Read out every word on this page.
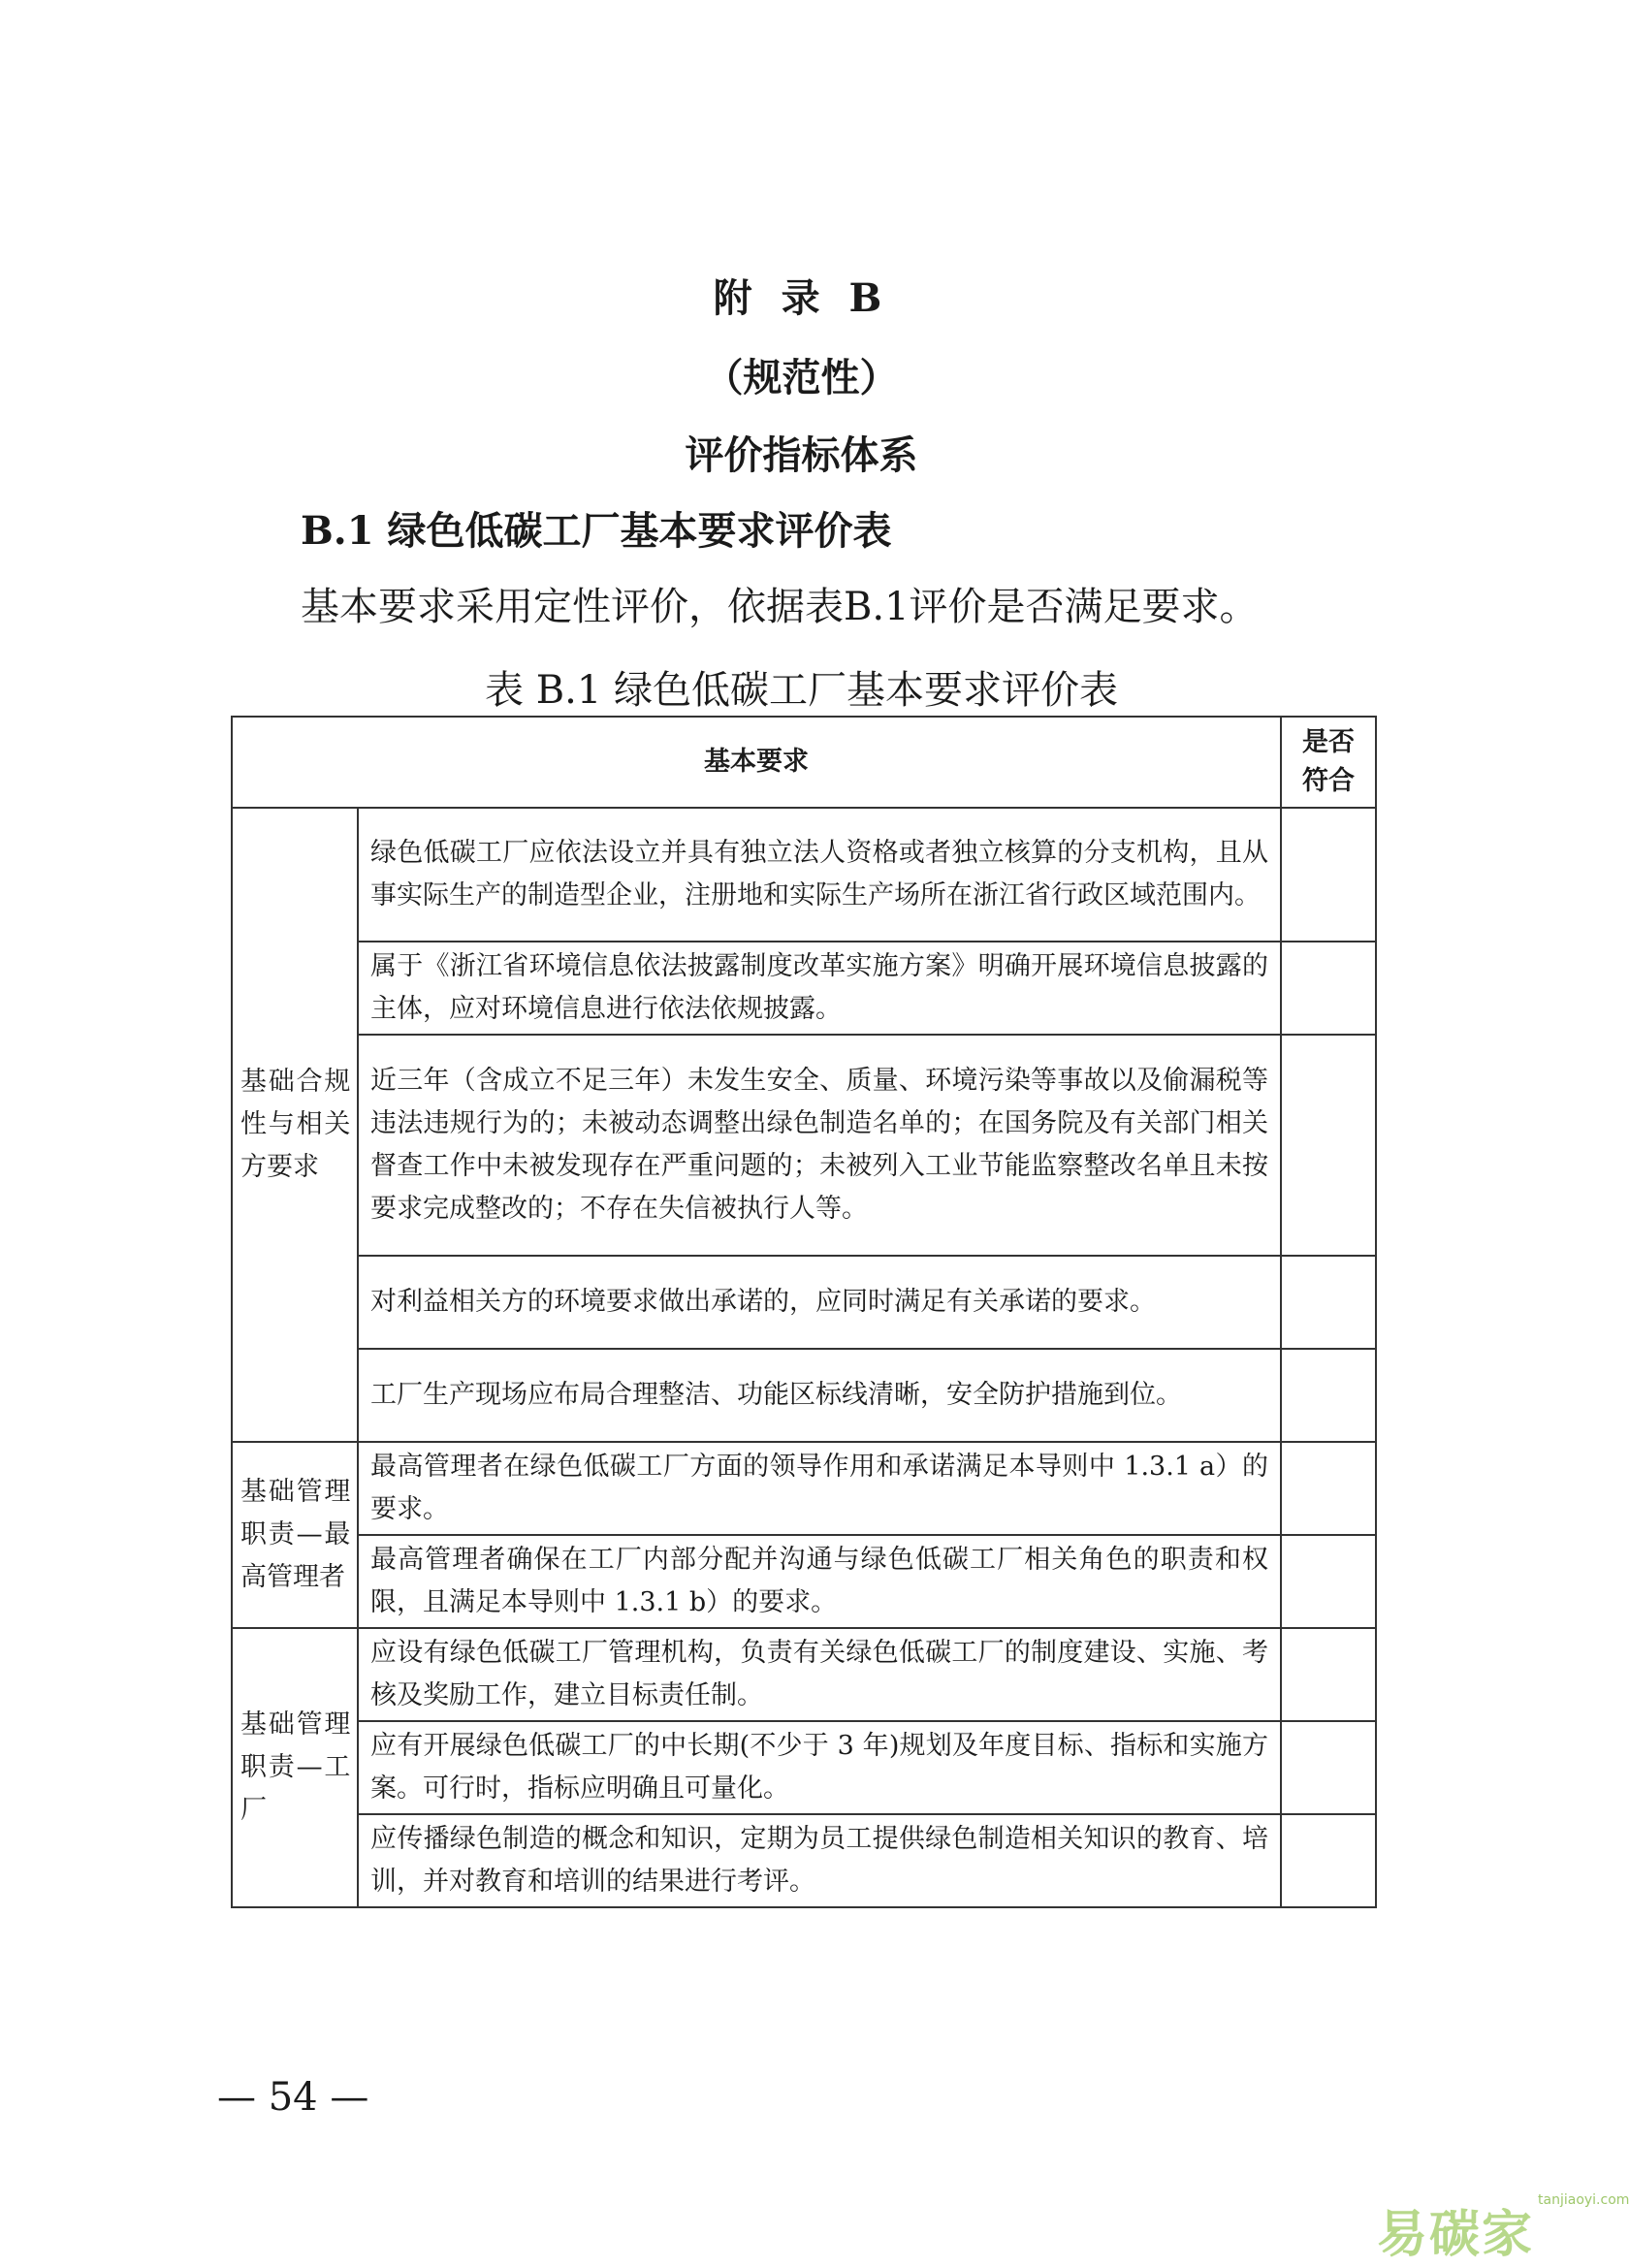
附 录 B
（规范性）
评价指标体系
B.1 绿色低碳工厂基本要求评价表
基本要求采用定性评价，依据表B.1评价是否满足要求。
表 B.1 绿色低碳工厂基本要求评价表
基本要求		是否符合
基础合规性与相关方要求	绿色低碳工厂应依法设立并具有独立法人资格或者独立核算的分支机构，且从事实际生产的制造型企业，注册地和实际生产场所在浙江省行政区域范围内。	
	属于《浙江省环境信息依法披露制度改革实施方案》明确开展环境信息披露的主体，应对环境信息进行依法依规披露。	
	近三年（含成立不足三年）未发生安全、质量、环境污染等事故以及偷漏税等违法违规行为的；未被动态调整出绿色制造名单的；在国务院及有关部门相关督查工作中未被发现存在严重问题的；未被列入工业节能监察整改名单且未按要求完成整改的；不存在失信被执行人等。	
	对利益相关方的环境要求做出承诺的，应同时满足有关承诺的要求。	
	工厂生产现场应布局合理整洁、功能区标线清晰，安全防护措施到位。	
基础管理职责—最高管理者	最高管理者在绿色低碳工厂方面的领导作用和承诺满足本导则中 1.3.1 a）的要求。	
	最高管理者确保在工厂内部分配并沟通与绿色低碳工厂相关角色的职责和权限，且满足本导则中 1.3.1 b）的要求。	
基础管理职责—工厂	应设有绿色低碳工厂管理机构，负责有关绿色低碳工厂的制度建设、实施、考核及奖励工作，建立目标责任制。	
	应有开展绿色低碳工厂的中长期(不少于 3 年)规划及年度目标、指标和实施方案。可行时，指标应明确且可量化。	
	应传播绿色制造的概念和知识，定期为员工提供绿色制造相关知识的教育、培训，并对教育和培训的结果进行考评。	
— 54 —
易碳家tanjiaoyi.com
